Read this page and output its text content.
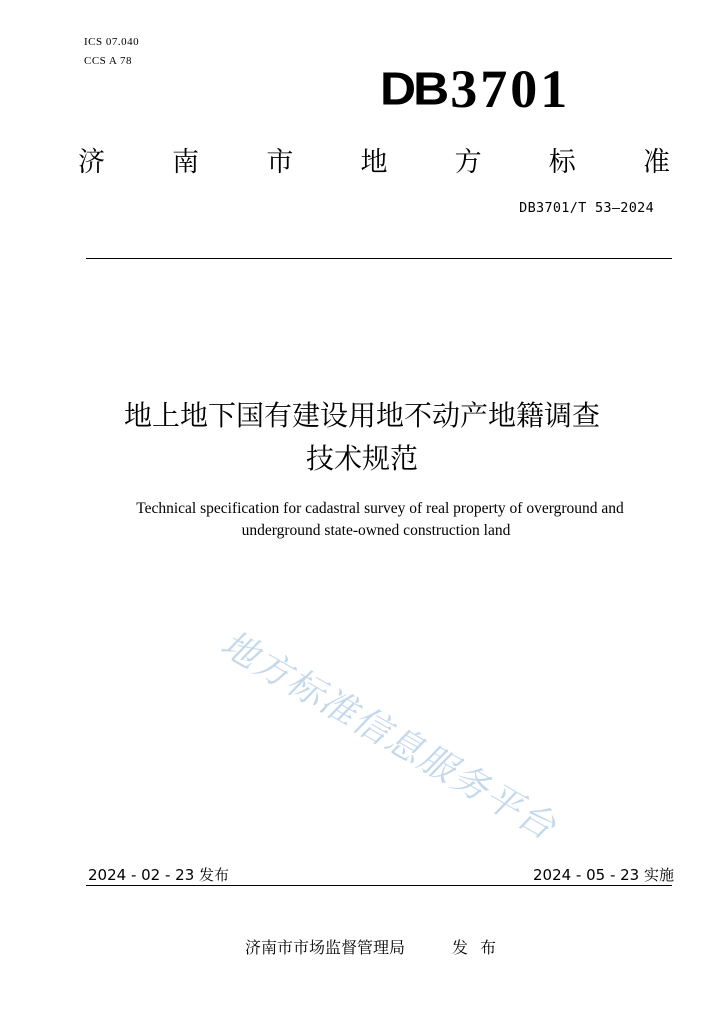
ICS 07.040
CCS A 78
DB 3701
济 南 市 地 方 标 准
DB3701/T 53—2024
地上地下国有建设用地不动产地籍调查
技术规范
Technical specification for cadastral survey of real property of overground and
underground state-owned construction land
地方标准信息服务平台
2024 - 02 - 23 发布	2024 - 05 - 23 实施
济南市市场监督管理局	发布
